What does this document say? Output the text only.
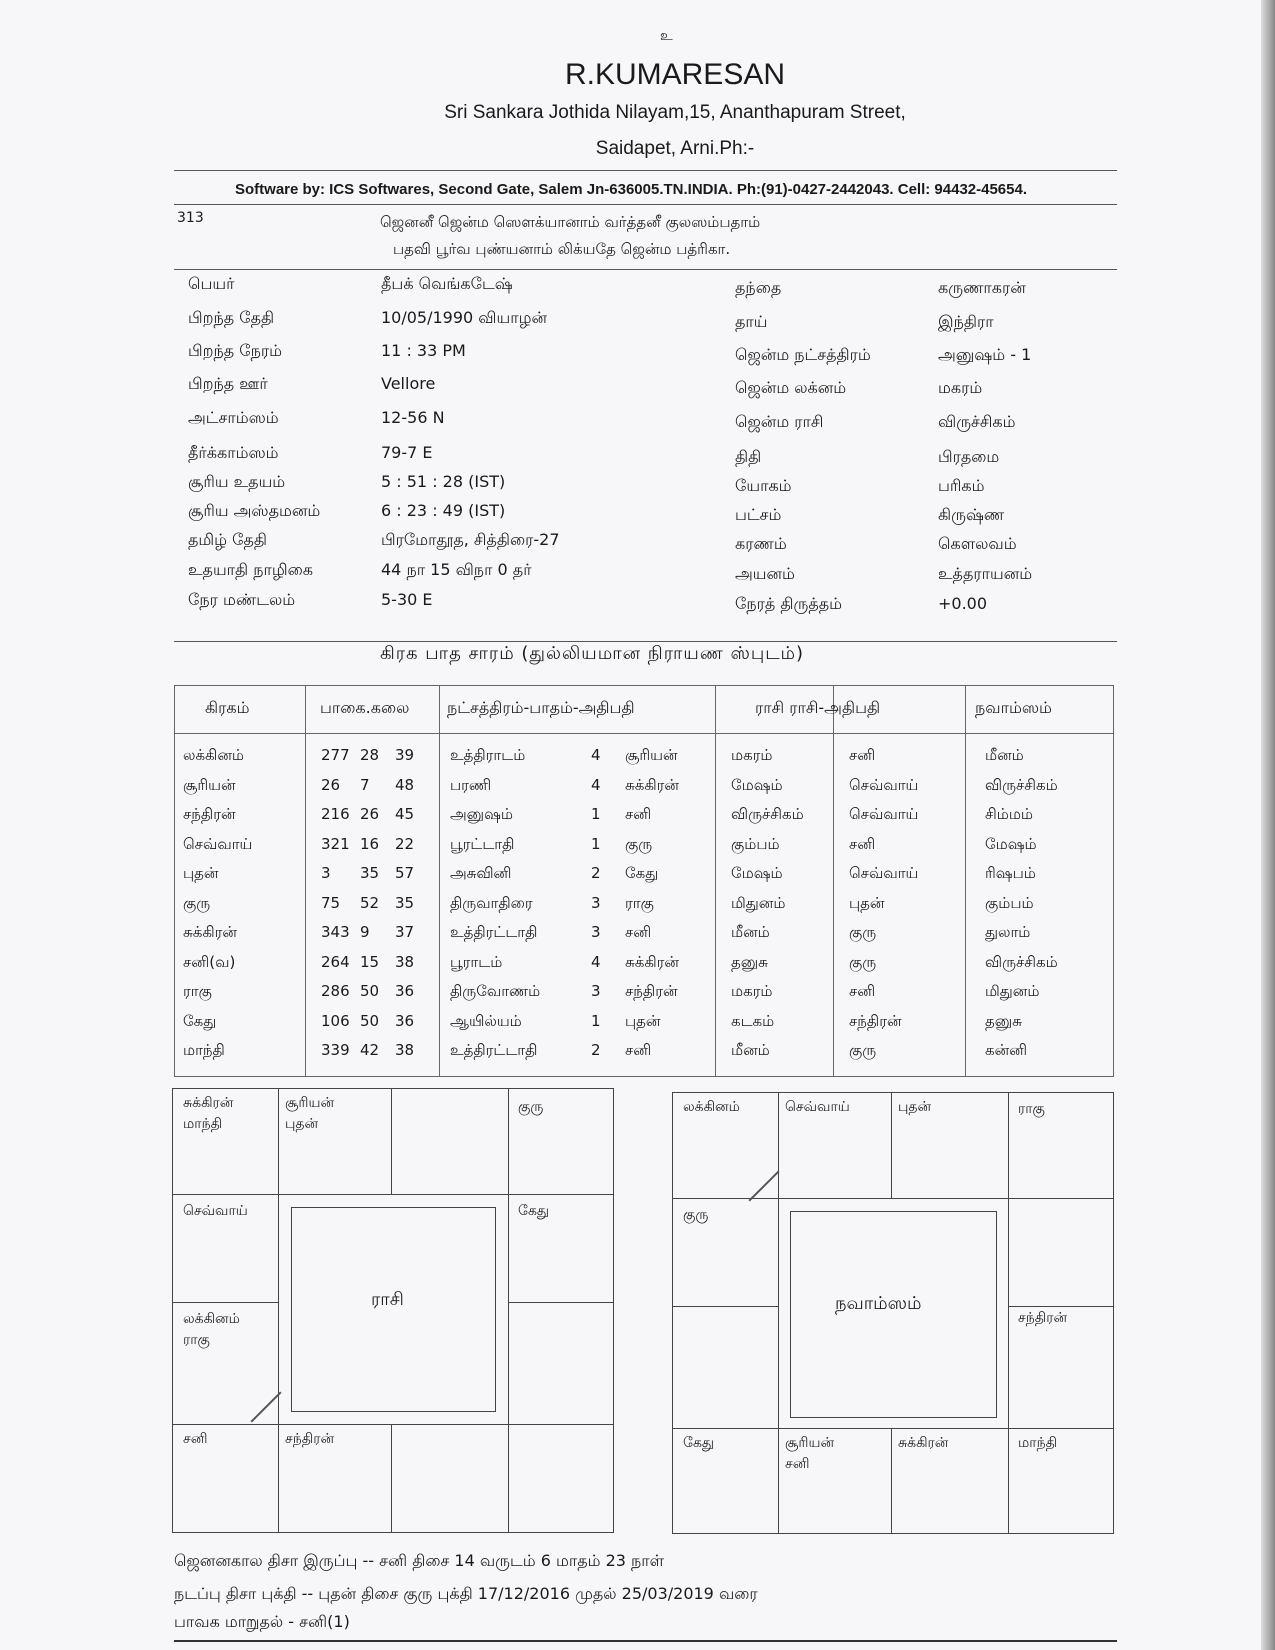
உ
R.KUMARESAN
Sri Sankara Jothida Nilayam,15, Ananthapuram Street,
Saidapet, Arni.Ph:-
Software by: ICS Softwares, Second Gate, Salem Jn-636005.TN.INDIA. Ph:(91)-0427-2442043. Cell: 94432-45654.
313	ஜெனனீ ஜென்ம ஸௌக்யானாம் வர்த்தனீ குலஸம்பதாம்
பதவி பூர்வ புண்யனாம் லிக்யதே ஜென்ம பத்ரிகா.
பெயர்	தீபக் வெங்கடேஷ்
பிறந்த தேதி	10/05/1990 வியாழன்
பிறந்த நேரம்	11 : 33 PM
பிறந்த ஊர்	Vellore
அட்சாம்ஸம்	12-56 N
தீர்க்காம்ஸம்	79-7 E
சூரிய உதயம்	5 : 51 : 28 (IST)
சூரிய அஸ்தமனம்	6 : 23 : 49 (IST)
தமிழ் தேதி	பிரமோதூத, சித்திரை-27
உதயாதி நாழிகை	44 நா 15 விநா 0 தர்
நேர மண்டலம்	5-30 E
தந்தை	கருணாகரன்
தாய்	இந்திரா
ஜென்ம நட்சத்திரம்	அனுஷம் - 1
ஜென்ம லக்னம்	மகரம்
ஜென்ம ராசி	விருச்சிகம்
திதி	பிரதமை
யோகம்	பரிகம்
பட்சம்	கிருஷ்ண
கரணம்	கௌலவம்
அயனம்	உத்தராயனம்
நேரத் திருத்தம்	+0.00
கிரக பாத சாரம் (துல்லியமான நிராயண ஸ்புடம்)
கிரகம்	பாகை.கலை நட்சத்திரம்-பாதம்-அதிபதி	ராசி ராசி-அதிபதி	நவாம்ஸம்
லக்கினம்	277 28 39 உத்திராடம்	4 சூரியன்	மகரம்	சனி	மீனம்
சூரியன்	26 7 48 பரணி	4 சுக்கிரன்	மேஷம்	செவ்வாய்	விருச்சிகம்
சந்திரன்	216 26 45 அனுஷம்	1 சனி	விருச்சிகம்	செவ்வாய்	சிம்மம்
செவ்வாய்	321 16 22 பூரட்டாதி	1 குரு	கும்பம்	சனி	மேஷம்
புதன்	3 35 57 அசுவினி	2 கேது	மேஷம்	செவ்வாய்	ரிஷபம்
குரு	75 52 35 திருவாதிரை	3 ராகு	மிதுனம்	புதன்	கும்பம்
சுக்கிரன்	343 9 37 உத்திரட்டாதி	3 சனி	மீனம்	குரு	துலாம்
சனி(வ)	264 15 38 பூராடம்	4 சுக்கிரன்	தனுசு	குரு	விருச்சிகம்
ராகு	286 50 36 திருவோணம்	3 சந்திரன்	மகரம்	சனி	மிதுனம்
கேது	106 50 36 ஆயில்யம்	1 புதன்	கடகம்	சந்திரன்	தனுசு
மாந்தி	339 42 38 உத்திரட்டாதி	2 சனி	மீனம்	குரு	கன்னி
ராசி
சுக்கிரன்
மாந்தி
சூரியன்
புதன்
குரு
செவ்வாய்	கேது
லக்கினம்
ராகு
சனி	சந்திரன்
நவாம்ஸம்
லக்கினம்	செவ்வாய்	புதன்	ராகு
குரு
சந்திரன்
கேது	சூரியன்
சனி
சுக்கிரன்	மாந்தி
ஜெனனகால திசா இருப்பு -- சனி திசை 14 வருடம் 6 மாதம் 23 நாள்
நடப்பு திசா புக்தி -- புதன் திசை குரு புக்தி 17/12/2016 முதல் 25/03/2019 வரை
பாவக மாறுதல் - சனி(1)
